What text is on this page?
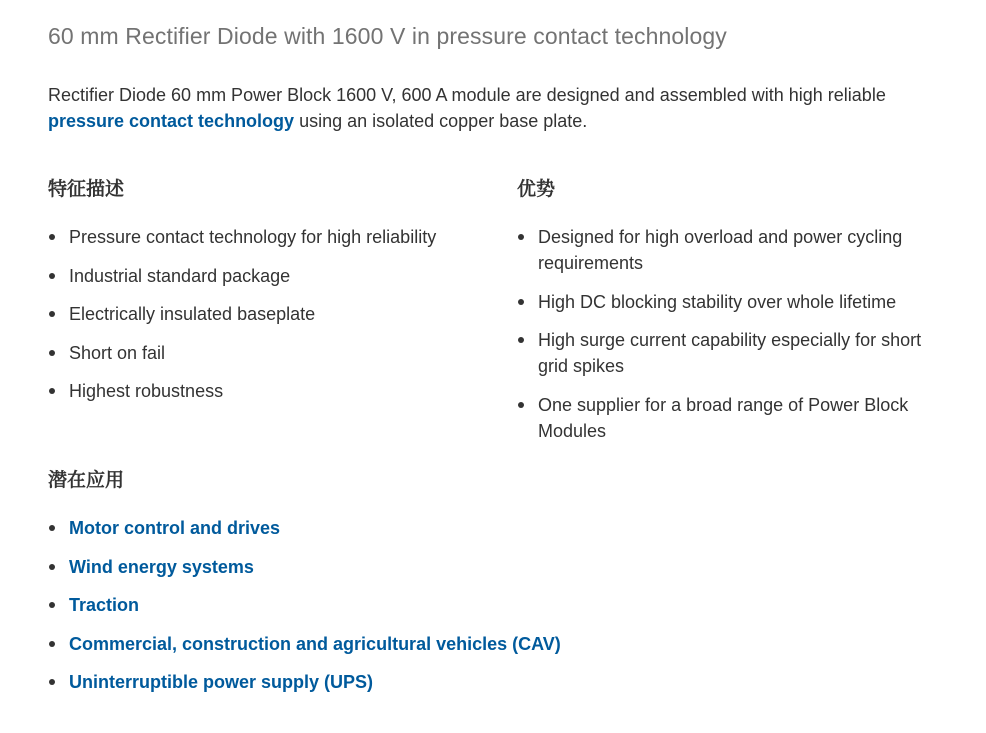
60 mm Rectifier Diode with 1600 V in pressure contact technology

Rectifier Diode 60 mm Power Block 1600 V, 600 A module are designed and assembled with high reliable pressure contact technology using an isolated copper base plate.

特征描述
Pressure contact technology for high reliability
Industrial standard package
Electrically insulated baseplate
Short on fail
Highest robustness
优势
Designed for high overload and power cycling requirements
High DC blocking stability over whole lifetime
High surge current capability especially for short grid spikes
One supplier for a broad range of Power Block Modules
潜在应用
Motor control and drives
Wind energy systems
Traction
Commercial, construction and agricultural vehicles (CAV)
Uninterruptible power supply (UPS)
